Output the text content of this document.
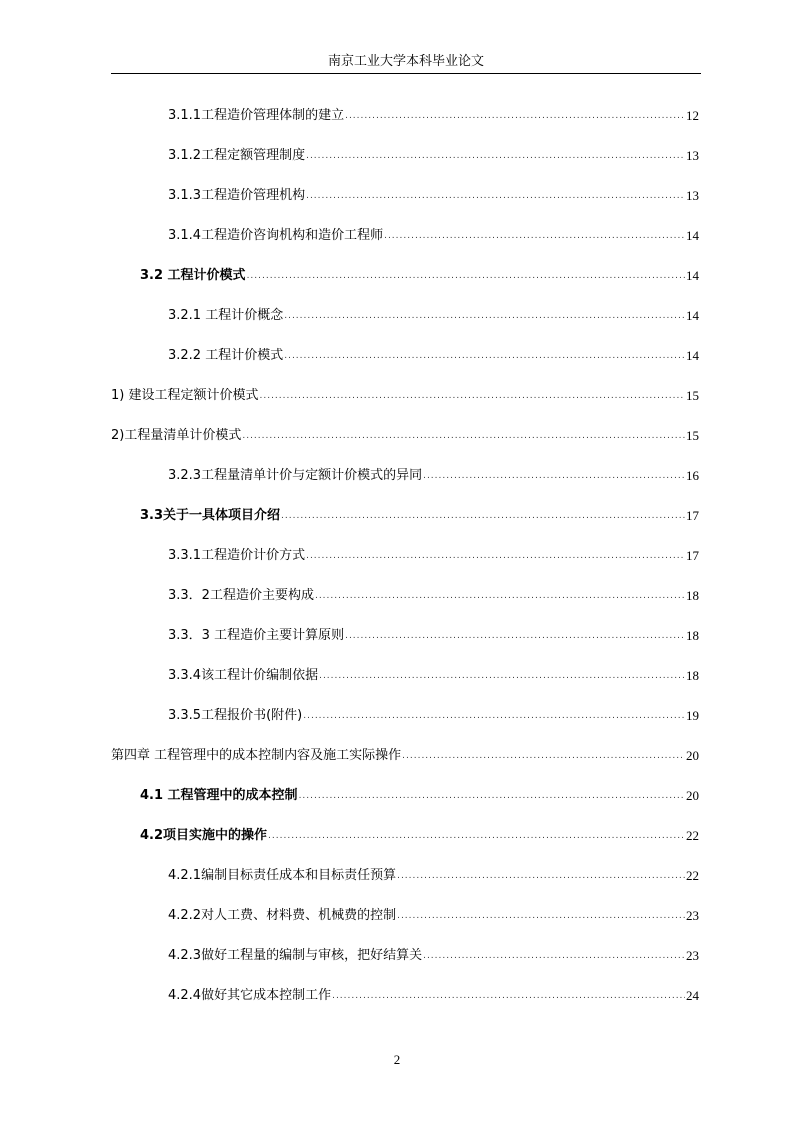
南京工业大学本科毕业论文
3.1.1工程造价管理体制的建立 .....	12
3.1.2工程定额管理制度 .....	13
3.1.3工程造价管理机构 .....	13
3.1.4工程造价咨询机构和造价工程师 .....	14
3.2 工程计价模式 .....	14
3.2.1 工程计价概念 .....	14
3.2.2 工程计价模式 .....	14
1) 建设工程定额计价模式 .....	15
2)工程量清单计价模式 .....	15
3.2.3工程量清单计价与定额计价模式的异同 .....	16
3.3关于一具体项目介绍 .....	17
3.3.1工程造价计价方式 .....	17
3.3．2工程造价主要构成 .....	18
3.3．3 工程造价主要计算原则 .....	18
3.3.4该工程计价编制依据 .....	18
3.3.5工程报价书(附件) .....	19
第四章 工程管理中的成本控制内容及施工实际操作 .....	20
4.1 工程管理中的成本控制 .....	20
4.2项目实施中的操作 .....	22
4.2.1编制目标责任成本和目标责任预算 .....	22
4.2.2对人工费、材料费、机械费的控制 .....	23
4.2.3做好工程量的编制与审核，把好结算关 .....	23
4.2.4做好其它成本控制工作 .....	24
2
